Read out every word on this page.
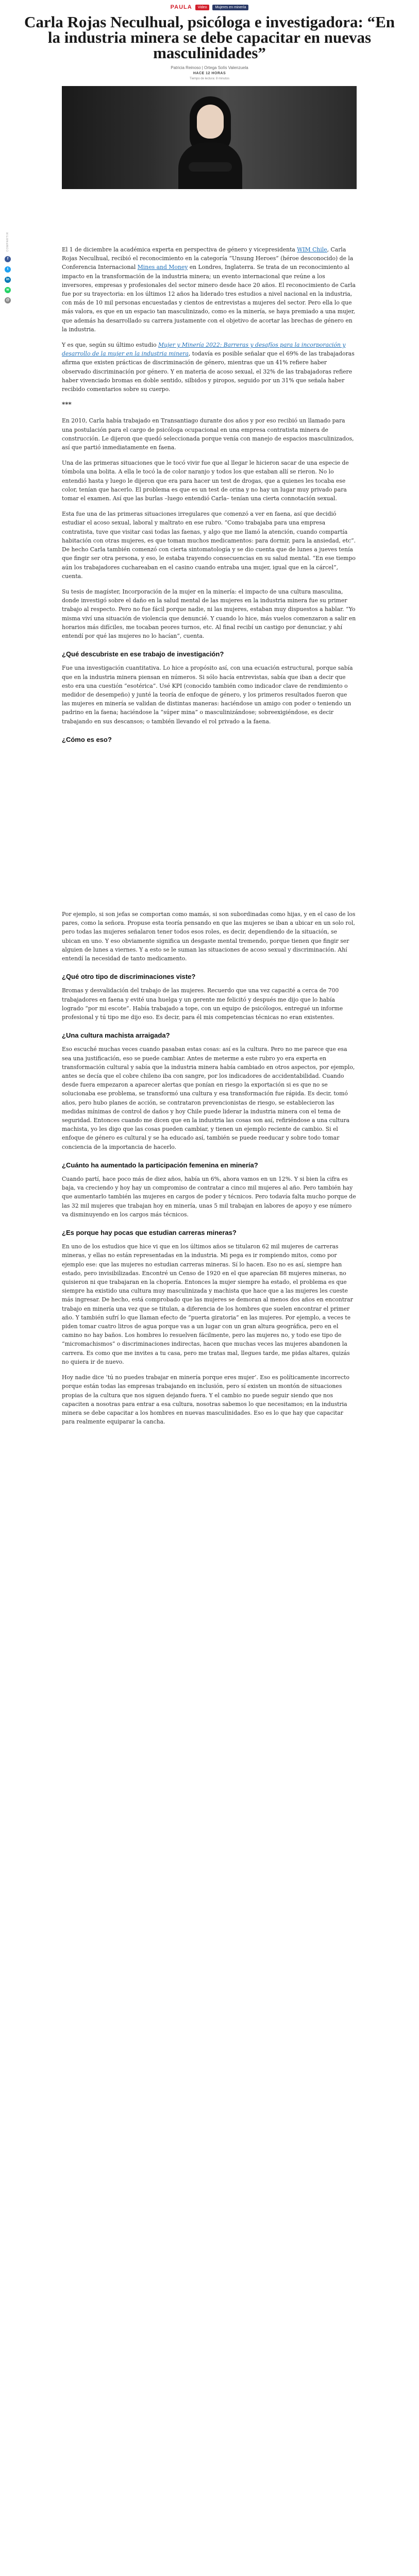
PAULA	Video	Mujeres en minería
Carla Rojas Neculhual, psicóloga e investigadora: “En la industria minera se debe capacitar en nuevas masculinidades”
Patricia Reinoso | Ortega Solís Valenzuela
HACE 12 HORAS
Tiempo de lectura: 8 minutos
COMPARTIR
f
t
in
w
@

El 1 de diciembre la académica experta en perspectiva de género y vicepresidenta WIM Chile, Carla Rojas Neculhual, recibió el reconocimiento en la categoría “Unsung Heroes” (héroe desconocido) de la Conferencia Internacional Mines and Money en Londres, Inglaterra. Se trata de un reconocimiento al impacto en la transformación de la industria minera; un evento internacional que reúne a los inversores, empresas y profesionales del sector minero desde hace 20 años. El reconocimiento de Carla fue por su trayectoria: en los últimos 12 años ha liderado tres estudios a nivel nacional en la industria, con más de 10 mil personas encuestadas y cientos de entrevistas a mujeres del sector. Pero ella lo que más valora, es que en un espacio tan masculinizado, como es la minería, se haya premiado a una mujer, que además ha desarrollado su carrera justamente con el objetivo de acortar las brechas de género en la industria.

Y es que, según su último estudio Mujer y Minería 2022: Barreras y desafíos para la incorporación y desarrollo de la mujer en la industria minera, todavía es posible señalar que el 69% de las trabajadoras afirma que existen prácticas de discriminación de género, mientras que un 41% refiere haber observado discriminación por género. Y en materia de acoso sexual, el 32% de las trabajadoras refiere haber vivenciado bromas en doble sentido, silbidos y piropos, seguido por un 31% que señala haber recibido comentarios sobre su cuerpo.

***

En 2010, Carla había trabajado en Transantiago durante dos años y por eso recibió un llamado para una postulación para el cargo de psicóloga ocupacional en una empresa contratista minera de construcción. Le dijeron que quedó seleccionada porque venía con manejo de espacios masculinizados, así que partió inmediatamente en faena.

Una de las primeras situaciones que le tocó vivir fue que al llegar le hicieron sacar de una especie de tómbola una bolita. A ella le tocó la de color naranjo y todos los que estaban allí se rieron. No lo entendió hasta y luego le dijeron que era para hacer un test de drogas, que a quienes les tocaba ese color, tenían que hacerlo. El problema es que es un test de orina y no hay un lugar muy privado para tomar el examen. Así que las burlas –luego entendió Carla– tenían una cierta connotación sexual.

Esta fue una de las primeras situaciones irregulares que comenzó a ver en faena, así que decidió estudiar el acoso sexual, laboral y maltrato en ese rubro. “Como trabajaba para una empresa contratista, tuve que visitar casi todas las faenas, y algo que me llamó la atención, cuando compartía habitación con otras mujeres, es que toman muchos medicamentos: para dormir, para la ansiedad, etc”. De hecho Carla también comenzó con cierta sintomatología y se dio cuenta que de lunes a jueves tenía que fingir ser otra persona, y eso, le estaba trayendo consecuencias en su salud mental. “En ese tiempo aún los trabajadores cuchareaban en el casino cuando entraba una mujer, igual que en la cárcel”, cuenta.

Su tesis de magíster, Incorporación de la mujer en la minería: el impacto de una cultura masculina, donde investigó sobre el daño en la salud mental de las mujeres en la industria minera fue su primer trabajo al respecto. Pero no fue fácil porque nadie, ni las mujeres, estaban muy dispuestos a hablar. “Yo misma viví una situación de violencia que denuncié. Y cuando lo hice, más vuelos comenzaron a salir en horarios más difíciles, me tocaban peores turnos, etc. Al final recibí un castigo por denunciar, y ahí entendí por qué las mujeres no lo hacían”, cuenta.

¿Qué descubriste en ese trabajo de investigación?

Fue una investigación cuantitativa. Lo hice a propósito así, con una ecuación estructural, porque sabía que en la industria minera piensan en números. Si sólo hacía entrevistas, sabía que iban a decir que esto era una cuestión “esotérica”. Usé KPI (conocido también como indicador clave de rendimiento o medidor de desempeño) y junté la teoría de enfoque de género, y los primeros resultados fueron que las mujeres en minería se validan de distintas maneras: haciéndose un amigo con poder o teniendo un padrino en la faena; haciéndose la “súper mina” o masculinizándose; sobreexigiéndose, es decir trabajando en sus descansos; o también llevando el rol privado a la faena.

¿Cómo es eso?

Por ejemplo, si son jefas se comportan como mamás, si son subordinadas como hijas, y en el caso de los pares, como la señora. Propuse esta teoría pensando en que las mujeres se iban a ubicar en un solo rol, pero todas las mujeres señalaron tener todos esos roles, es decir, dependiendo de la situación, se ubican en uno. Y eso obviamente significa un desgaste mental tremendo, porque tienen que fingir ser alguien de lunes a viernes. Y a esto se le suman las situaciones de acoso sexual y discriminación. Ahí entendí la necesidad de tanto medicamento.

¿Qué otro tipo de discriminaciones viste?

Bromas y desvalidación del trabajo de las mujeres. Recuerdo que una vez capacité a cerca de 700 trabajadores en faena y evité una huelga y un gerente me felicitó y después me dijo que lo había logrado “por mi escote”. Había trabajado a tope, con un equipo de psicólogos, entregué un informe profesional y tú tipo me dijo eso. Es decir, para él mis competencias técnicas no eran existentes.

¿Una cultura machista arraigada?

Eso escuché muchas veces cuando pasaban estas cosas: así es la cultura. Pero no me parece que esa sea una justificación, eso se puede cambiar. Antes de meterme a este rubro yo era experta en transformación cultural y sabía que la industria minera había cambiado en otros aspectos, por ejemplo, antes se decía que el cobre chileno iba con sangre, por los indicadores de accidentabilidad. Cuando desde fuera empezaron a aparecer alertas que ponían en riesgo la exportación si es que no se solucionaba ese problema, se transformó una cultura y esa transformación fue rápida. Es decir, tomó años, pero hubo planes de acción, se contrataron prevencionistas de riesgo, se establecieron las medidas mínimas de control de daños y hoy Chile puede liderar la industria minera con el tema de seguridad. Entonces cuando me dicen que en la industria las cosas son así, refiriéndose a una cultura machista, yo les digo que las cosas pueden cambiar, y tienen un ejemplo reciente de cambio. Si el enfoque de género es cultural y se ha educado así, también se puede reeducar y sobre todo tomar conciencia de la importancia de hacerlo.

¿Cuánto ha aumentado la participación femenina en minería?

Cuando partí, hace poco más de diez años, había un 6%, ahora vamos en un 12%. Y si bien la cifra es baja, va creciendo y hoy hay un compromiso de contratar a cinco mil mujeres al año. Pero también hay que aumentarlo también las mujeres en cargos de poder y técnicos. Pero todavía falta mucho porque de las 32 mil mujeres que trabajan hoy en minería, unas 5 mil trabajan en labores de apoyo y ese número va disminuyendo en los cargos más técnicos.

¿Es porque hay pocas que estudian carreras mineras?

En uno de los estudios que hice vi que en los últimos años se titularon 62 mil mujeres de carreras mineras, y ellas no están representadas en la industria. Mi pega es ir rompiendo mitos, como por ejemplo ese: que las mujeres no estudian carreras mineras. Sí lo hacen. Eso no es así, siempre han estado, pero invisibilizadas. Encontré un Censo de 1920 en el que aparecían 88 mujeres mineras, no quisieron ni que trabajaran en la chopería. Entonces la mujer siempre ha estado, el problema es que siempre ha existido una cultura muy masculinizada y machista que hace que a las mujeres les cueste más ingresar. De hecho, está comprobado que las mujeres se demoran al menos dos años en encontrar trabajo en minería una vez que se titulan, a diferencia de los hombres que suelen encontrar el primer año. Y también sufrí lo que llaman efecto de “puerta giratoria” en las mujeres. Por ejemplo, a veces te piden tomar cuatro litros de agua porque vas a un lugar con un gran altura geográfica, pero en el camino no hay baños. Los hombres lo resuelven fácilmente, pero las mujeres no, y todo ese tipo de “micromachismos” o discriminaciones indirectas, hacen que muchas veces las mujeres abandonen la carrera. Es como que me invites a tu casa, pero me tratas mal, llegues tarde, me pidas altares, quizás no quiera ir de nuevo.

Hoy nadie dice ‘tú no puedes trabajar en minería porque eres mujer’. Eso es políticamente incorrecto porque están todas las empresas trabajando en inclusión, pero sí existen un montón de situaciones propias de la cultura que nos siguen dejando fuera. Y el cambio no puede seguir siendo que nos capaciten a nosotras para entrar a esa cultura, nosotras sabemos lo que necesitamos; en la industria minera se debe capacitar a los hombres en nuevas masculinidades. Eso es lo que hay que capacitar para realmente equiparar la cancha.
